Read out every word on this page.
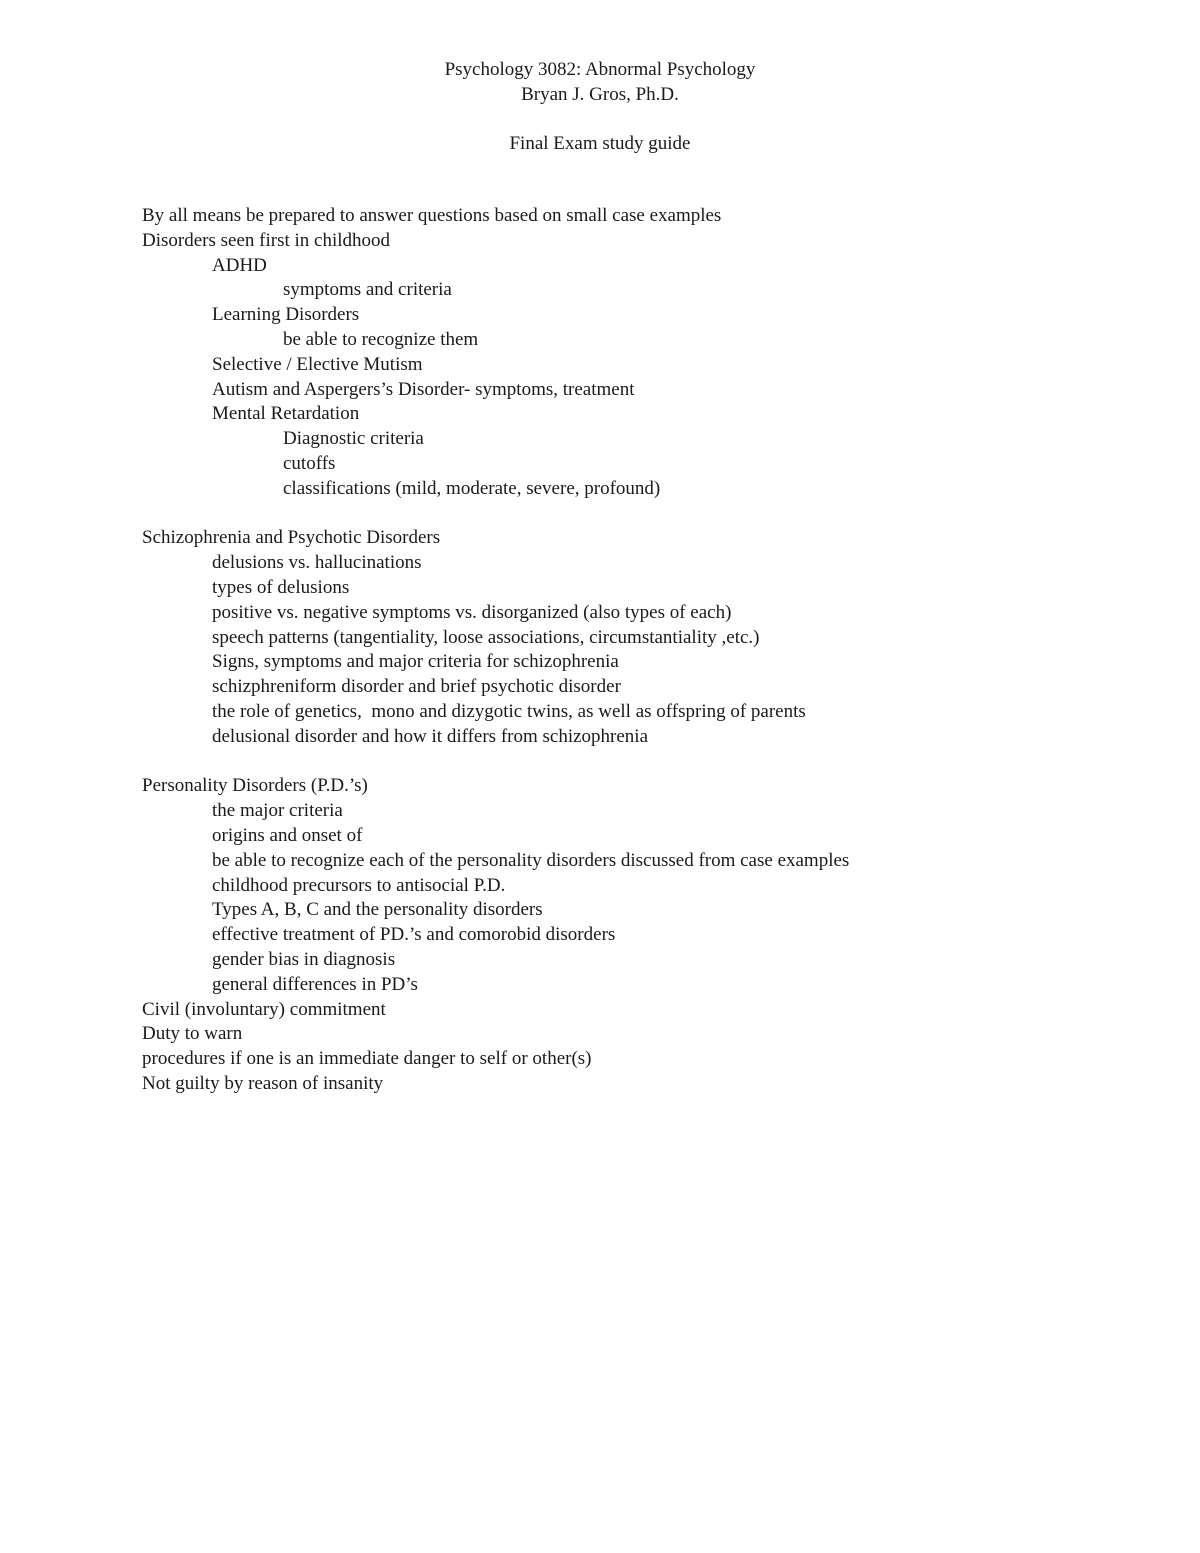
Psychology 3082: Abnormal Psychology
Bryan J. Gros, Ph.D.
Final Exam study guide
By all means be prepared to answer questions based on small case examples
Disorders seen first in childhood
ADHD
symptoms and criteria
Learning Disorders
be able to recognize them
Selective / Elective Mutism
Autism and Aspergers’s Disorder- symptoms, treatment
Mental Retardation
Diagnostic criteria
cutoffs
classifications (mild, moderate, severe, profound)
Schizophrenia and Psychotic Disorders
delusions vs. hallucinations
types of delusions
positive vs. negative symptoms vs. disorganized (also types of each)
speech patterns (tangentiality, loose associations, circumstantiality ,etc.)
Signs, symptoms and major criteria for schizophrenia
schizphreniform disorder and brief psychotic disorder
the role of genetics,  mono and dizygotic twins, as well as offspring of parents
delusional disorder and how it differs from schizophrenia
Personality Disorders (P.D.’s)
the major criteria
origins and onset of
be able to recognize each of the personality disorders discussed from case examples
childhood precursors to antisocial P.D.
Types A, B, C and the personality disorders
effective treatment of PD.’s and comorobid disorders
gender bias in diagnosis
general differences in PD’s
Civil (involuntary) commitment
Duty to warn
procedures if one is an immediate danger to self or other(s)
Not guilty by reason of insanity
